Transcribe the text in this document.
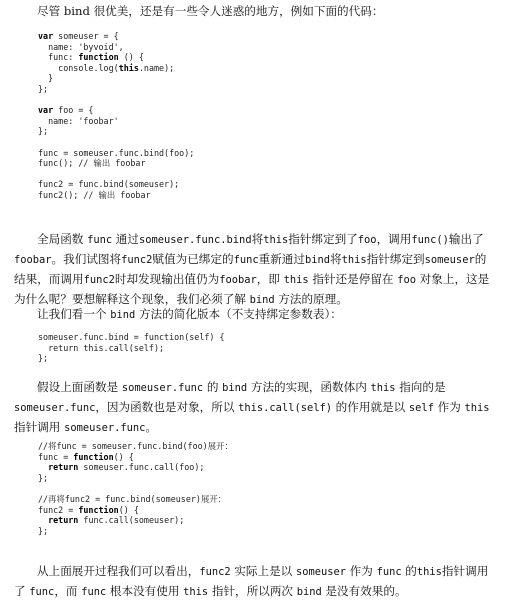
尽管 bind 很优美，还是有一些令人迷惑的地方，例如下面的代码：

var someuser = {
name: 'byvoid',
func: function () {
console.log(this.name);
}
};

var foo = {
name: 'foobar'
};

func = someuser.func.bind(foo);
func(); // 输出 foobar

func2 = func.bind(someuser);
func2(); // 输出 foobar

全局函数 func 通过someuser.func.bind将this指针绑定到了foo，调用func()输出了foobar。我们试图将func2赋值为已绑定的func重新通过bind将this指针绑定到someuser的结果，而调用func2时却发现输出值仍为foobar，即 this 指针还是停留在 foo 对象上，这是为什么呢？要想解释这个现象，我们必须了解 bind 方法的原理。

让我们看一个 bind 方法的简化版本（不支持绑定参数表）：

someuser.func.bind = function(self) {
return this.call(self);
};

假设上面函数是 someuser.func 的 bind 方法的实现，函数体内 this 指向的是 someuser.func，因为函数也是对象，所以 this.call(self) 的作用就是以 self 作为 this指针调用 someuser.func。

//将func = someuser.func.bind(foo)展开：
func = function() {
return someuser.func.call(foo);
};

//再将func2 = func.bind(someuser)展开：
func2 = function() {
return func.call(someuser);
};

从上面展开过程我们可以看出，func2 实际上是以 someuser 作为 func 的this指针调用了 func，而 func 根本没有使用 this 指针，所以两次 bind 是没有效果的。
